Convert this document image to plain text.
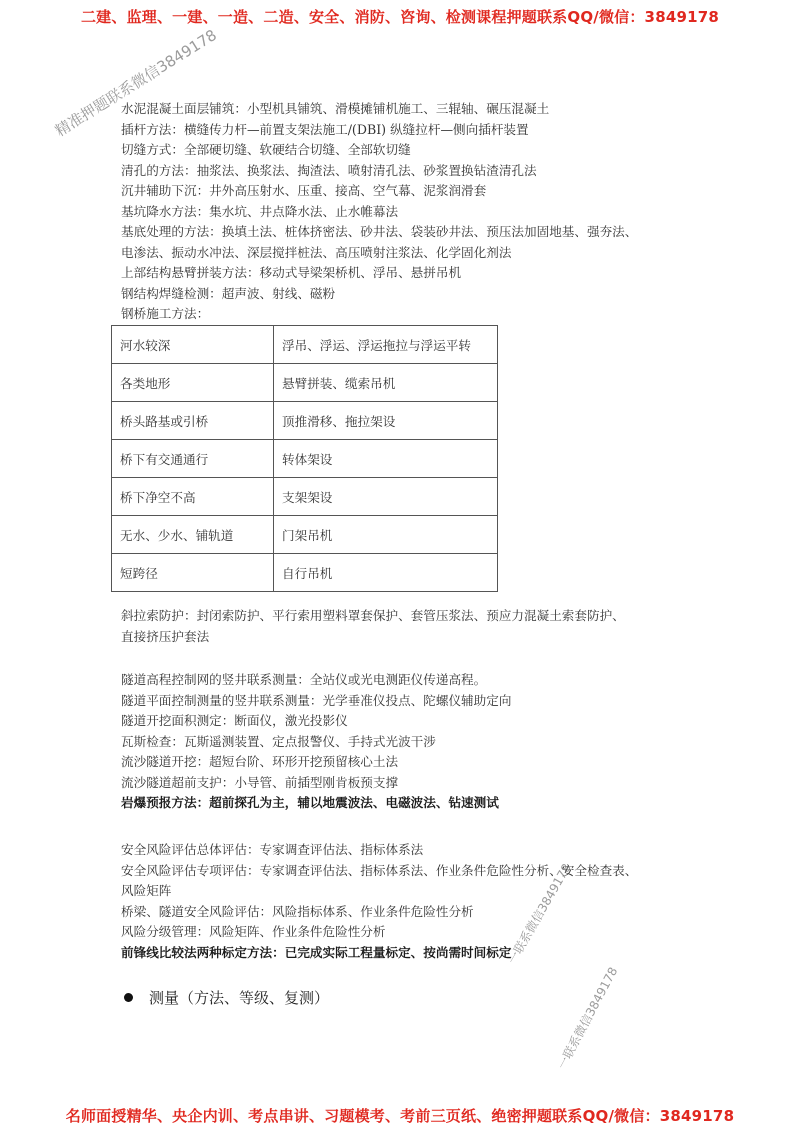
二建、监理、一建、一造、二造、安全、消防、咨询、检测课程押题联系QQ/微信：3849178
精准押题联系微信3849178
一联系微信3849178
一联系微信3849178
水泥混凝土面层铺筑：小型机具铺筑、滑模摊铺机施工、三辊轴、碾压混凝土
插杆方法：横缝传力杆—前置支架法施工/(DBI) 纵缝拉杆—侧向插杆装置
切缝方式：全部硬切缝、软硬结合切缝、全部软切缝
清孔的方法：抽浆法、换浆法、掏渣法、喷射清孔法、砂浆置换钻渣清孔法
沉井辅助下沉：井外高压射水、压重、接高、空气幕、泥浆润滑套
基坑降水方法：集水坑、井点降水法、止水帷幕法
基底处理的方法：换填土法、桩体挤密法、砂井法、袋装砂井法、预压法加固地基、强夯法、
电渗法、振动水冲法、深层搅拌桩法、高压喷射注浆法、化学固化剂法
上部结构悬臂拼装方法：移动式导梁架桥机、浮吊、悬拼吊机
钢结构焊缝检测：超声波、射线、磁粉
钢桥施工方法：
河水较深	浮吊、浮运、浮运拖拉与浮运平转
各类地形	悬臂拼装、缆索吊机
桥头路基或引桥	顶推滑移、拖拉架设
桥下有交通通行	转体架设
桥下净空不高	支架架设
无水、少水、铺轨道	门架吊机
短跨径	自行吊机
斜拉索防护：封闭索防护、平行索用塑料罩套保护、套管压浆法、预应力混凝土索套防护、
直接挤压护套法
隧道高程控制网的竖井联系测量：全站仪或光电测距仪传递高程。
隧道平面控制测量的竖井联系测量：光学垂准仪投点、陀螺仪辅助定向
隧道开挖面积测定：断面仪，激光投影仪
瓦斯检查：瓦斯遥测装置、定点报警仪、手持式光波干涉
流沙隧道开挖：超短台阶、环形开挖预留核心土法
流沙隧道超前支护：小导管、前插型刚肯板预支撑
岩爆预报方法：超前探孔为主，辅以地震波法、电磁波法、钻速测试
安全风险评估总体评估：专家调查评估法、指标体系法
安全风险评估专项评估：专家调查评估法、指标体系法、作业条件危险性分析、安全检查表、
风险矩阵
桥梁、隧道安全风险评估：风险指标体系、作业条件危险性分析
风险分级管理：风险矩阵、作业条件危险性分析
前锋线比较法两种标定方法：已完成实际工程量标定、按尚需时间标定
测量（方法、等级、复测）
名师面授精华、央企内训、考点串讲、习题模考、考前三页纸、绝密押题联系QQ/微信：3849178
